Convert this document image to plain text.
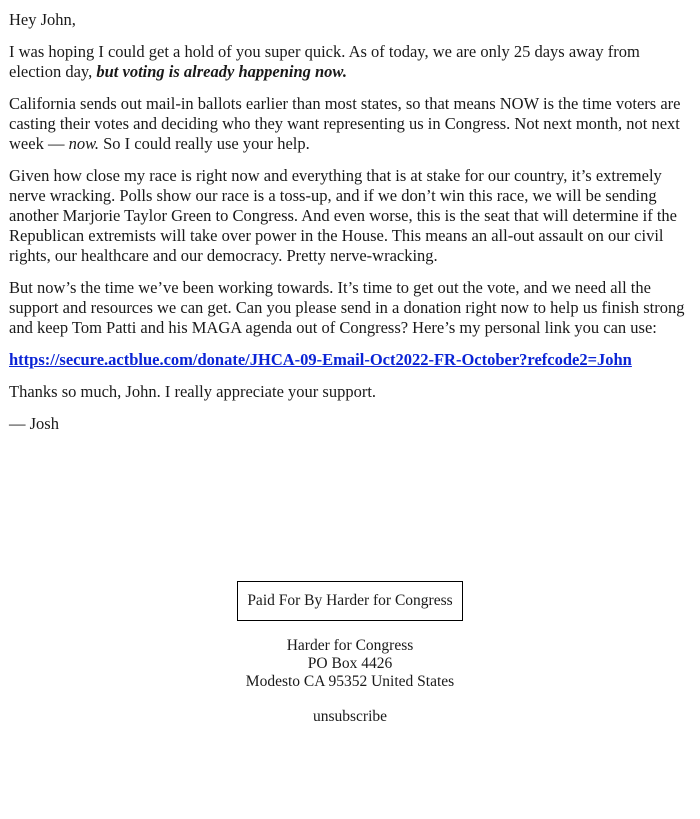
Hey John,

I was hoping I could get a hold of you super quick. As of today, we are only 25 days away from election day, but voting is already happening now.

California sends out mail-in ballots earlier than most states, so that means NOW is the time voters are casting their votes and deciding who they want representing us in Congress. Not next month, not next week — now. So I could really use your help.

Given how close my race is right now and everything that is at stake for our country, it’s extremely nerve wracking. Polls show our race is a toss-up, and if we don’t win this race, we will be sending another Marjorie Taylor Green to Congress. And even worse, this is the seat that will determine if the Republican extremists will take over power in the House. This means an all-out assault on our civil rights, our healthcare and our democracy. Pretty nerve-wracking.

But now’s the time we’ve been working towards. It’s time to get out the vote, and we need all the support and resources we can get. Can you please send in a donation right now to help us finish strong and keep Tom Patti and his MAGA agenda out of Congress? Here’s my personal link you can use:

https://secure.actblue.com/donate/JHCA-09-Email-Oct2022-FR-October?refcode2=John

Thanks so much, John. I really appreciate your support.

— Josh

Paid For By Harder for Congress
Harder for Congress
PO Box 4426
Modesto CA 95352 United States
unsubscribe
